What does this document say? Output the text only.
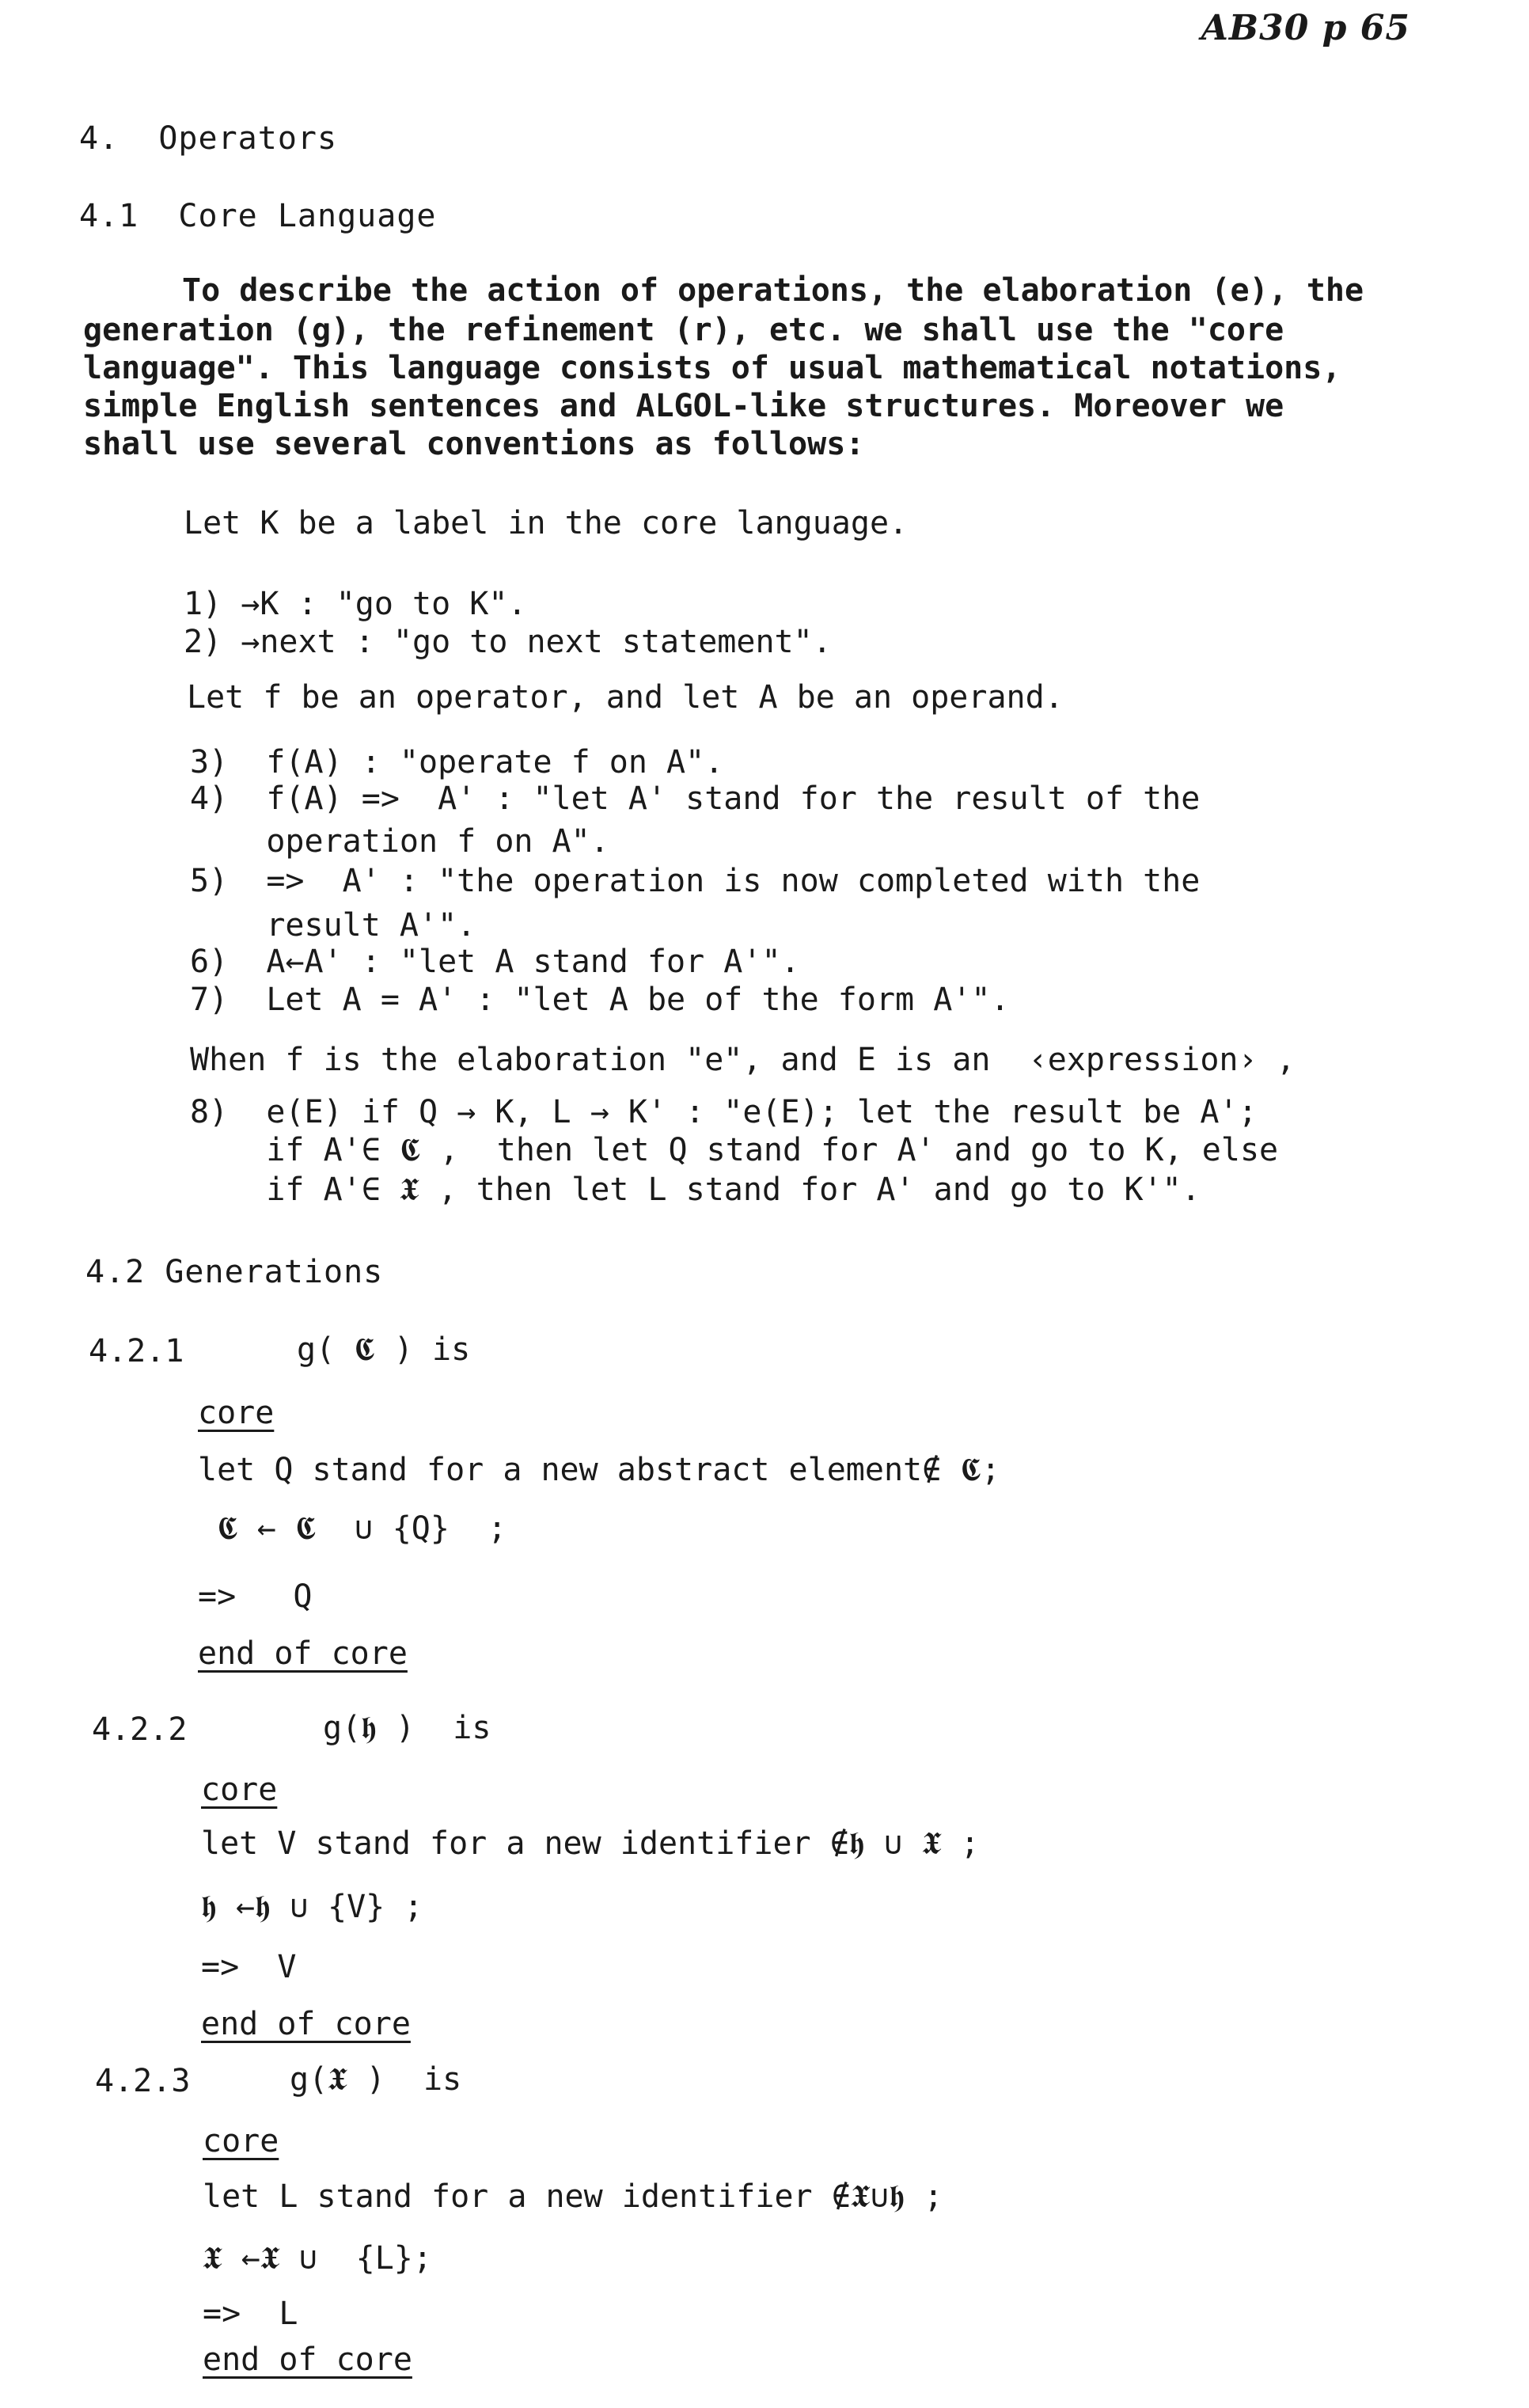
AB30 p 65
4. Operators
4.1 Core Language
To describe the action of operations, the elaboration (e), the
generation (g), the refinement (r), etc. we shall use the "core
language". This language consists of usual mathematical notations,
simple English sentences and ALGOL-like structures. Moreover we
shall use several conventions as follows:
Let K be a label in the core language.
1) →K : "go to K".
2) →next : "go to next statement".
Let f be an operator, and let A be an operand.
3)  f(A) : "operate f on A".
4)  f(A) =>  A' : "let A' stand for the result of the
operation f on A".
5)  =>  A' : "the operation is now completed with the
result A'".
6)  A←A' : "let A stand for A'".
7)  Let A = A' : "let A be of the form A'".
When f is the elaboration "e", and E is an  ‹expression› ,
8)  e(E) if Q → K, L → K' : "e(E); let the result be A';
if A'∈ 𝕮 ,  then let Q stand for A' and go to K, else
if A'∈ 𝖃 , then let L stand for A' and go to K'".
4.2 Generations
4.2.1	g( 𝕮 ) is
core
let Q stand for a new abstract element∉ 𝕮;
𝕮 ← 𝕮  ∪ {Q}  ;
=>   Q
end of core
4.2.2	g(𝖍 )  is
core
let V stand for a new identifier ∉𝖍 ∪ 𝖃 ;
𝖍 ←𝖍 ∪ {V} ;
=>  V
end of core
4.2.3	g(𝖃 )  is
core
let L stand for a new identifier ∉𝖃∪𝖍 ;
𝖃 ←𝖃 ∪  {L};
=>  L
end of core
